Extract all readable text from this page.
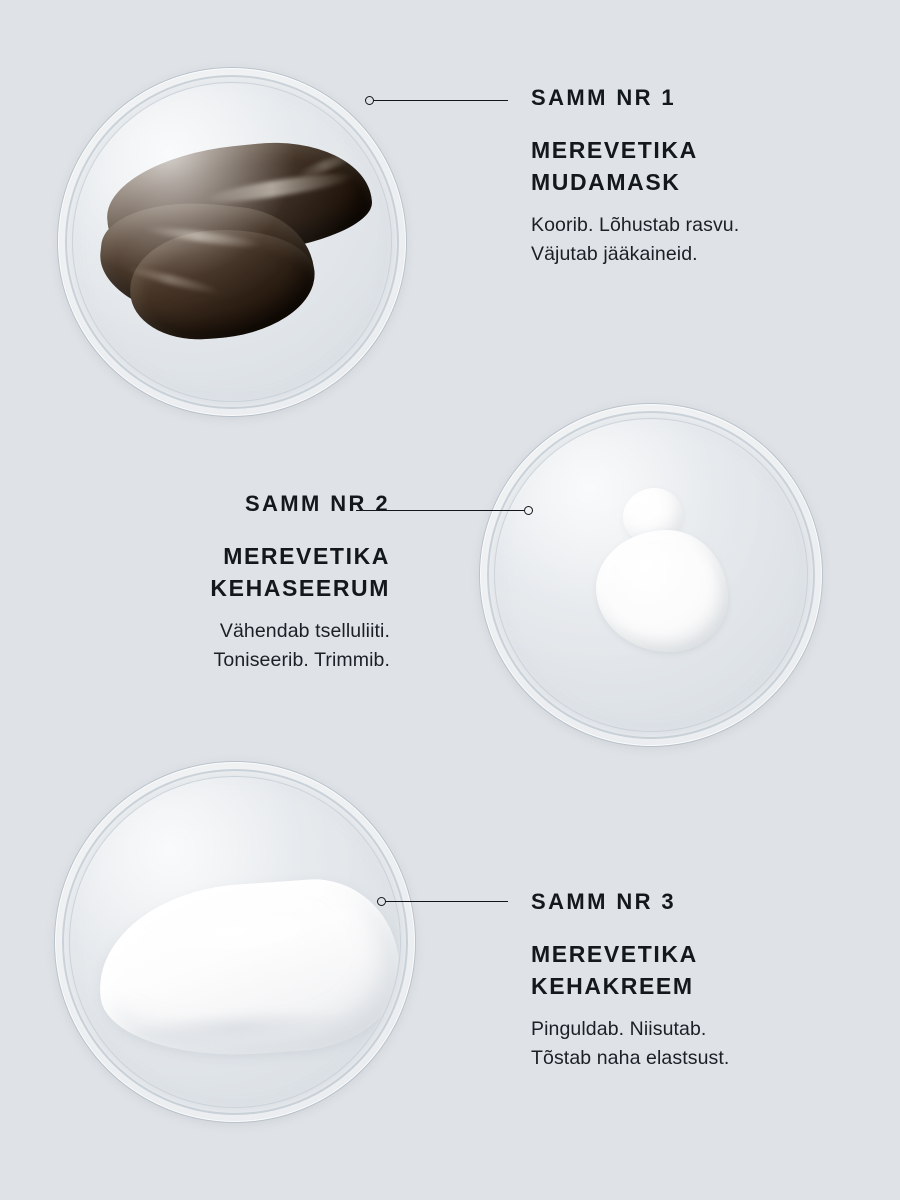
SAMM NR 1

MEREVETIKA
MUDAMASK

Koorib. Lõhustab rasvu.
Väjutab jääkaineid.

SAMM NR 2

MEREVETIKA
KEHASEERUM

Vähendab tselluliiti.
Toniseerib. Trimmib.

SAMM NR 3

MEREVETIKA
KEHAKREEM

Pinguldab. Niisutab.
Tõstab naha elastsust.
